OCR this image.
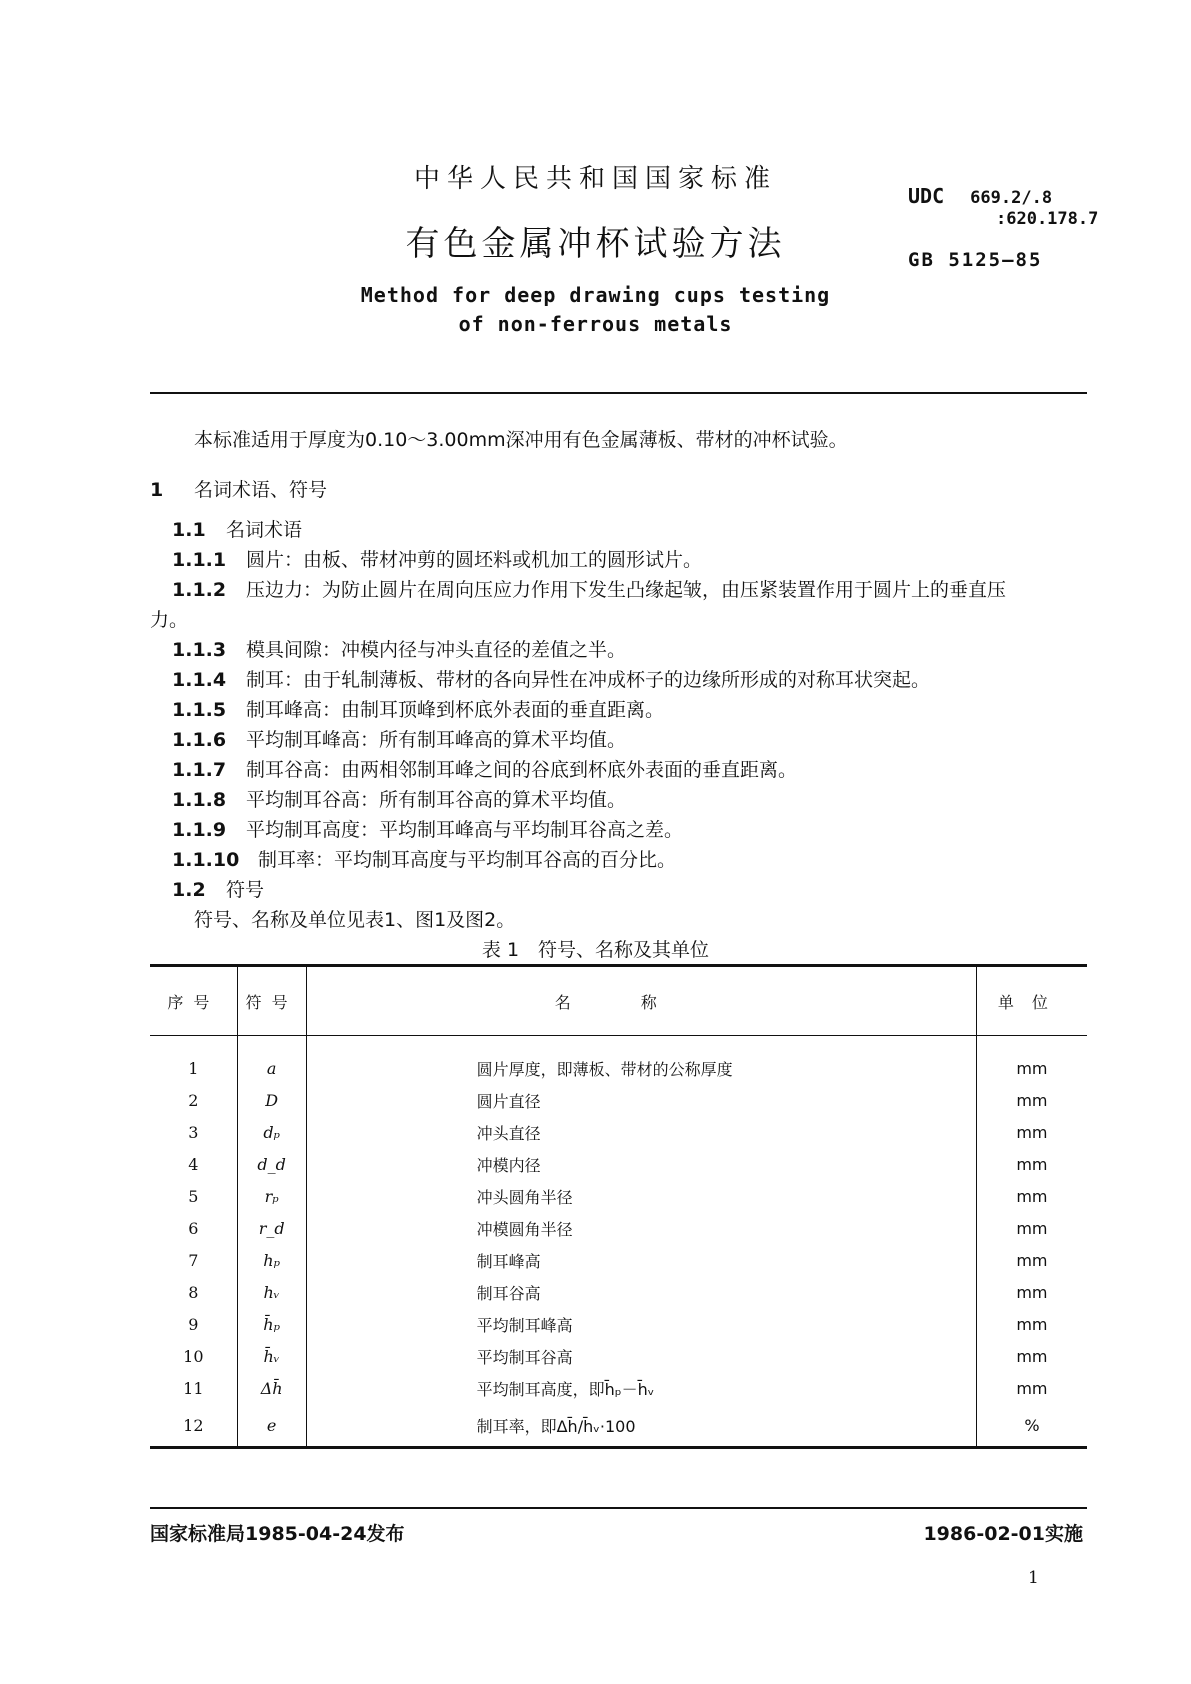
中华人民共和国国家标准
有色金属冲杯试验方法
Method for deep drawing cups testing
of non-ferrous metals
UDC 669.2/.8
:620.178.7
GB 5125—85
本标准适用于厚度为0.10～3.00mm深冲用有色金属薄板、带材的冲杯试验。
1 名词术语、符号
1.1 名词术语
1.1.1 圆片：由板、带材冲剪的圆坯料或机加工的圆形试片。
1.1.2 压边力：为防止圆片在周向压应力作用下发生凸缘起皱，由压紧装置作用于圆片上的垂直压
力。
1.1.3 模具间隙：冲模内径与冲头直径的差值之半。
1.1.4 制耳：由于轧制薄板、带材的各向异性在冲成杯子的边缘所形成的对称耳状突起。
1.1.5 制耳峰高：由制耳顶峰到杯底外表面的垂直距离。
1.1.6 平均制耳峰高：所有制耳峰高的算术平均值。
1.1.7 制耳谷高：由两相邻制耳峰之间的谷底到杯底外表面的垂直距离。
1.1.8 平均制耳谷高：所有制耳谷高的算术平均值。
1.1.9 平均制耳高度：平均制耳峰高与平均制耳谷高之差。
1.1.10 制耳率：平均制耳高度与平均制耳谷高的百分比。
1.2 符号
符号、名称及单位见表1、图1及图2。
表 1　符号、名称及其单位
序号	符号	名称	单位

1	a	圆片厚度，即薄板、带材的公称厚度	mm
2	D	圆片直径	mm
3	dₚ	冲头直径	mm
4	d_d	冲模内径	mm
5	rₚ	冲头圆角半径	mm
6	r_d	冲模圆角半径	mm
7	hₚ	制耳峰高	mm
8	hᵥ	制耳谷高	mm
9	h̄ₚ	平均制耳峰高	mm
10	h̄ᵥ	平均制耳谷高	mm
11	Δh̄	平均制耳高度，即h̄ₚ－h̄ᵥ	mm
12	e	制耳率，即Δh̄/h̄ᵥ·100	%
国家标准局1985-04-24发布	1986-02-01实施
1
